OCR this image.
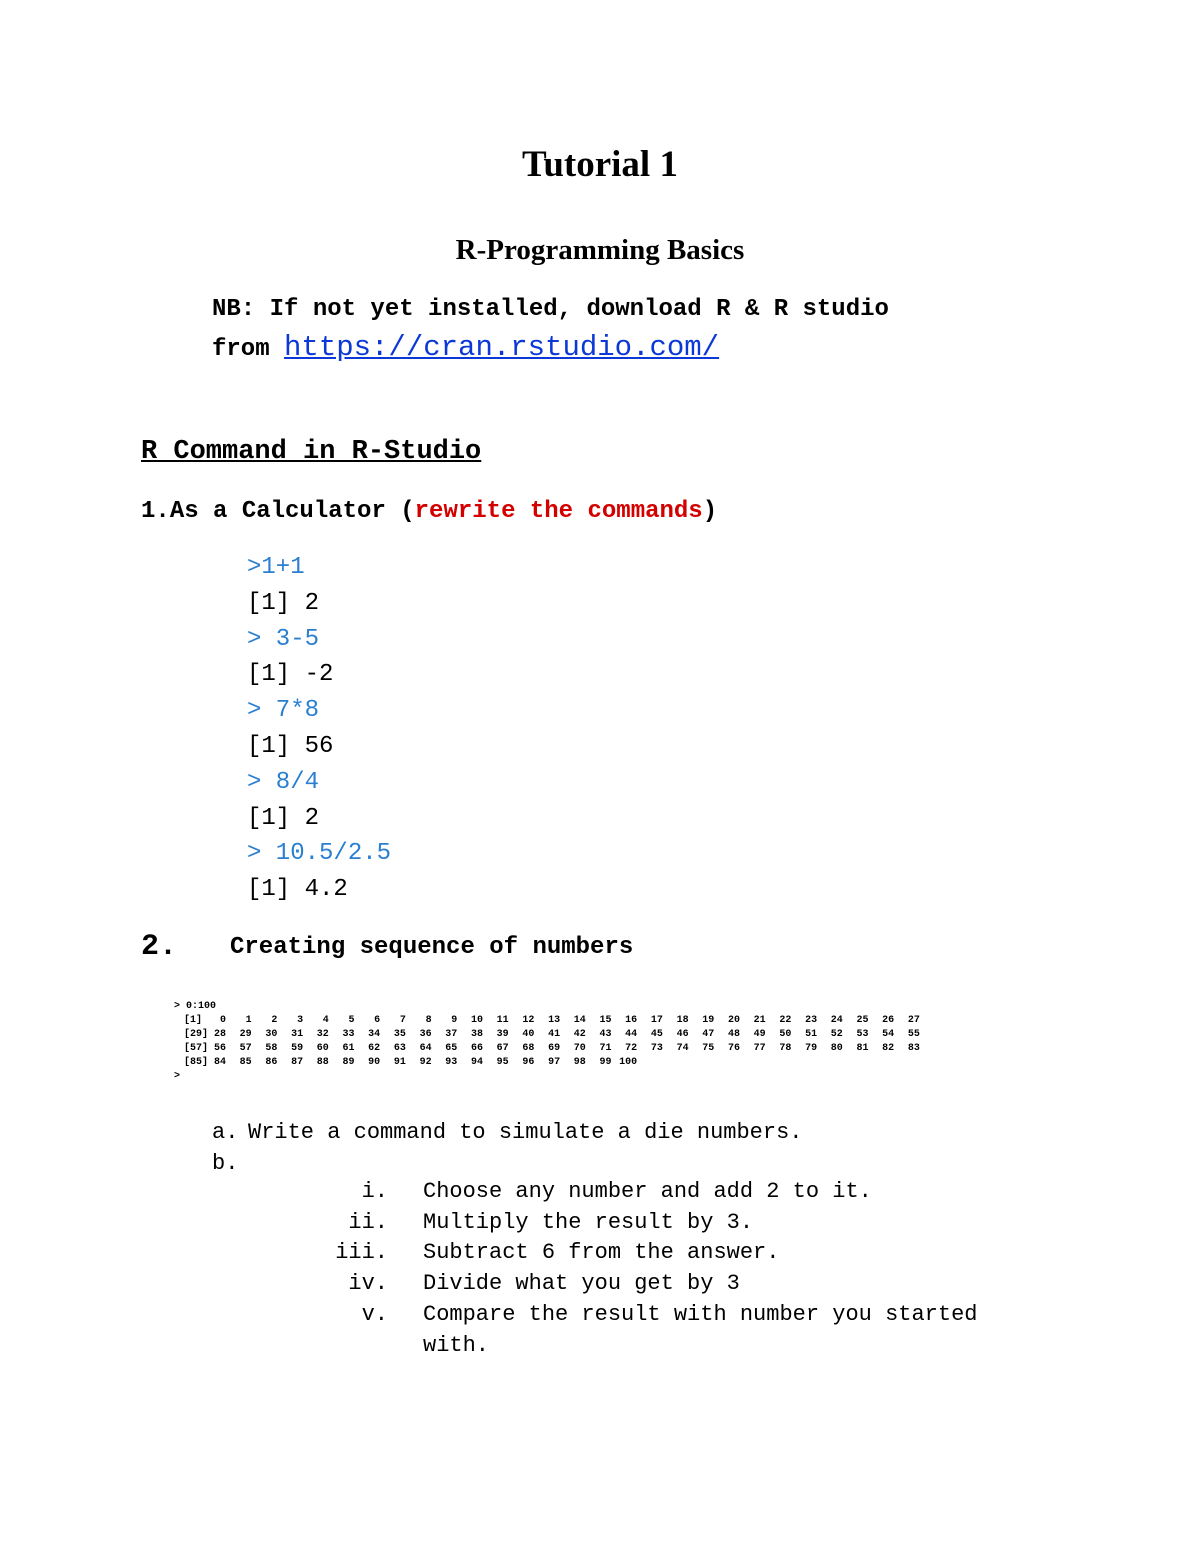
Tutorial 1
R-Programming Basics
NB: If not yet installed, download R & R studio
from https://cran.rstudio.com/
R Command in R-Studio
1.As a Calculator (rewrite the commands)
>1+1
[1] 2
> 3-5
[1] -2
> 7*8
[1] 56
> 8/4
[1] 2
> 10.5/2.5
[1] 4.2
2. Creating sequence of numbers
> 0:100
[1]	0	1	2	3	4	5	6	7	8	9	10	11	12	13	14	15	16	17	18	19	20	21	22	23	24	25	26	27
[29] 28	29	30	31	32	33	34	35	36	37	38	39	40	41	42	43	44	45	46	47	48	49	50	51	52	53	54	55
[57] 56	57	58	59	60	61	62	63	64	65	66	67	68	69	70	71	72	73	74	75	76	77	78	79	80	81	82	83
[85] 84	85	86	87	88	89	90	91	92	93	94	95	96	97	98	99 100
>
a. Write a command to simulate a die numbers.
b.
i. Choose any number and add 2 to it.
ii. Multiply the result by 3.
iii. Subtract 6 from the answer.
iv. Divide what you get by 3
v. Compare the result with number you started
with.
